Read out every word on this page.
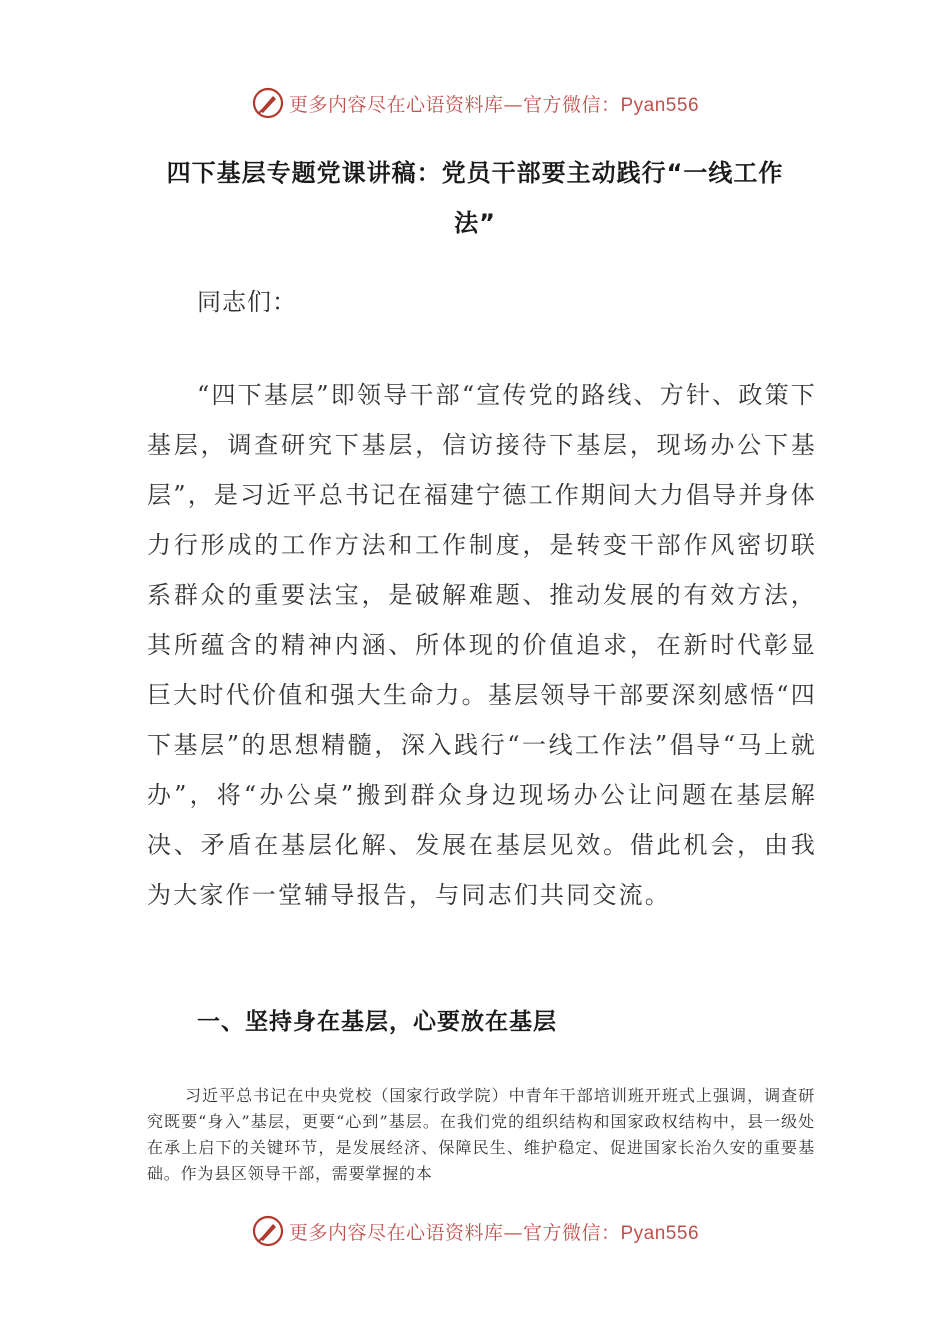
更多内容尽在心语资料库—官方微信：Pyan556
四下基层专题党课讲稿：党员干部要主动践行“一线工作法”
同志们：
“四下基层”即领导干部“宣传党的路线、方针、政策下基层，调查研究下基层，信访接待下基层，现场办公下基层”，是习近平总书记在福建宁德工作期间大力倡导并身体力行形成的工作方法和工作制度，是转变干部作风密切联系群众的重要法宝，是破解难题、推动发展的有效方法，其所蕴含的精神内涵、所体现的价值追求，在新时代彰显巨大时代价值和强大生命力。基层领导干部要深刻感悟“四下基层”的思想精髓，深入践行“一线工作法”倡导“马上就办”，将“办公桌”搬到群众身边现场办公让问题在基层解决、矛盾在基层化解、发展在基层见效。借此机会，由我为大家作一堂辅导报告，与同志们共同交流。
一、坚持身在基层，心要放在基层
习近平总书记在中央党校（国家行政学院）中青年干部培训班开班式上强调，调查研究既要“身入”基层，更要“心到”基层。在我们党的组织结构和国家政权结构中，县一级处在承上启下的关键环节，是发展经济、保障民生、维护稳定、促进国家长治久安的重要基础。作为县区领导干部，需要掌握的本
更多内容尽在心语资料库—官方微信：Pyan556
